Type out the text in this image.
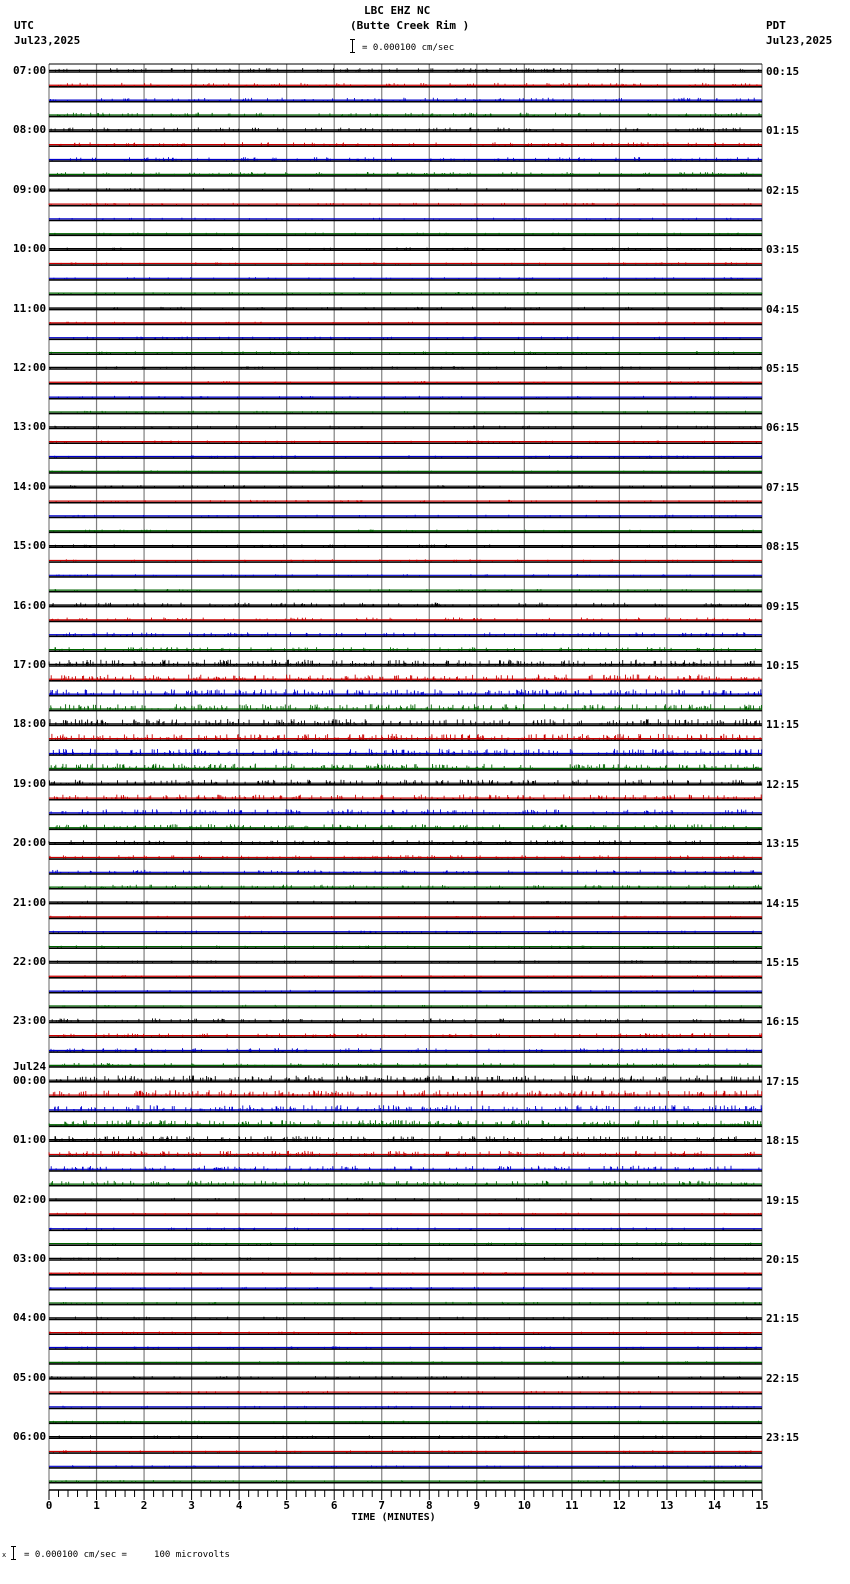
UTC
Jul23,2025
LBC EHZ NC
(Butte Creek Rim )
= 0.000100 cm/sec
PDT
Jul23,2025
0	1	2	3	4	5	6	7	8	9	10	11	12	13	14	15
TIME (MINUTES)
07:00
08:00
09:00
10:00
11:00
12:00
13:00
14:00
15:00
16:00
17:00
18:00
19:00
20:00
21:00
22:00
23:00
00:00
Jul24
01:00
02:00
03:00
04:00
05:00
06:00
00:15
01:15
02:15
03:15
04:15
05:15
06:15
07:15
08:15
09:15
10:15
11:15
12:15
13:15
14:15
15:15
16:15
17:15
18:15
19:15
20:15
21:15
22:15
23:15
x = 0.000100 cm/sec =     100 microvolts
